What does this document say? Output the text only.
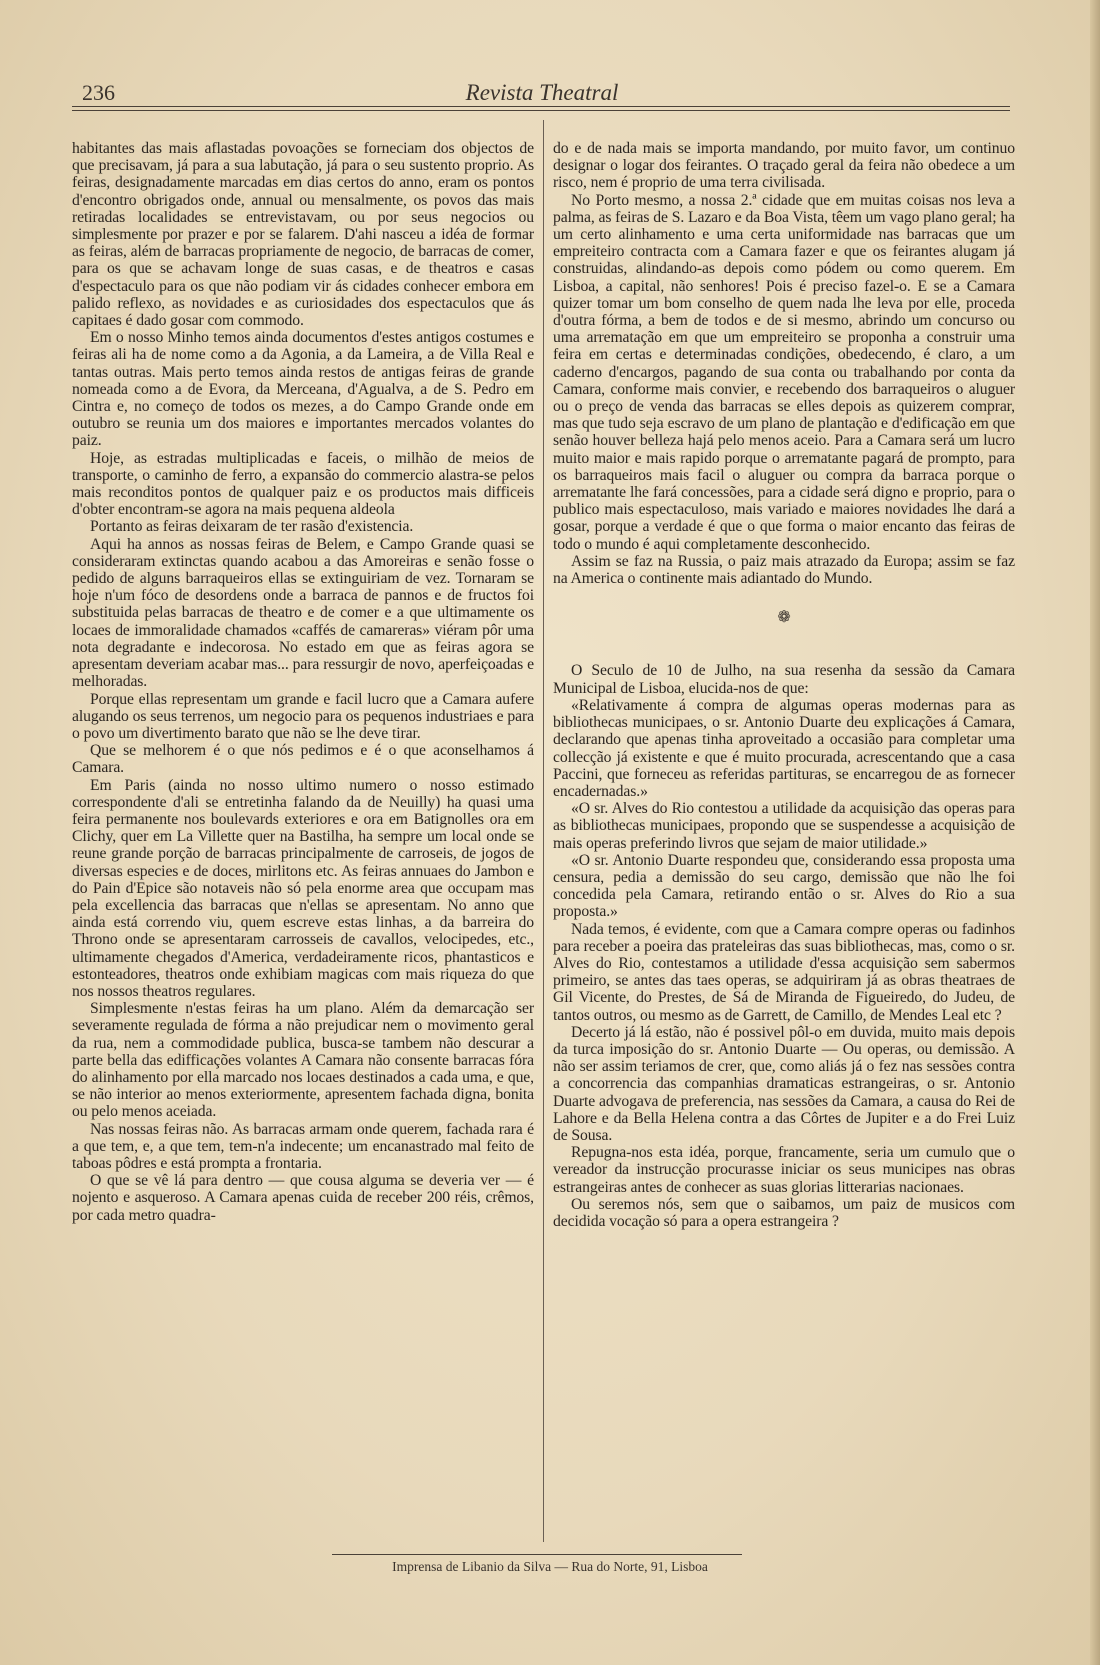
236	Revista Theatral

habitantes das mais aflastadas povoações se forneciam dos objectos de que precisavam, já para a sua labutação, já para o seu sustento proprio. As feiras, designadamente marcadas em dias certos do anno, eram os pontos d'encontro obrigados onde, annual ou mensalmente, os povos das mais retiradas localidades se entrevistavam, ou por seus negocios ou simplesmente por prazer e por se falarem. D'ahi nasceu a idéa de formar as feiras, além de barracas propriamente de negocio, de barracas de comer, para os que se achavam longe de suas casas, e de theatros e casas d'espectaculo para os que não podiam vir ás cidades conhecer embora em palido reflexo, as novidades e as curiosidades dos espectaculos que ás capitaes é dado gosar com commodo.

Em o nosso Minho temos ainda documentos d'estes antigos costumes e feiras ali ha de nome como a da Agonia, a da Lameira, a de Villa Real e tantas outras. Mais perto temos ainda restos de antigas feiras de grande nomeada como a de Evora, da Merceana, d'Agualva, a de S. Pedro em Cintra e, no começo de todos os mezes, a do Campo Grande onde em outubro se reunia um dos maiores e importantes mercados volantes do paiz.

Hoje, as estradas multiplicadas e faceis, o milhão de meios de transporte, o caminho de ferro, a expansão do commercio alastra-se pelos mais reconditos pontos de qualquer paiz e os productos mais difficeis d'obter encontram-se agora na mais pequena aldeola

Portanto as feiras deixaram de ter rasão d'existencia.

Aqui ha annos as nossas feiras de Belem, e Campo Grande quasi se consideraram extinctas quando acabou a das Amoreiras e senão fosse o pedido de alguns barraqueiros ellas se extinguiriam de vez. Tornaram se hoje n'um fóco de desordens onde a barraca de pannos e de fructos foi substituida pelas barracas de theatro e de comer e a que ultimamente os locaes de immoralidade chamados «caffés de camareras» viéram pôr uma nota degradante e indecorosa. No estado em que as feiras agora se apresentam deveriam acabar mas... para ressurgir de novo, aperfeiçoadas e melhoradas.

Porque ellas representam um grande e facil lucro que a Camara aufere alugando os seus terrenos, um negocio para os pequenos industriaes e para o povo um divertimento barato que não se lhe deve tirar.

Que se melhorem é o que nós pedimos e é o que aconselhamos á Camara.

Em Paris (ainda no nosso ultimo numero o nosso estimado correspondente d'ali se entretinha falando da de Neuilly) ha quasi uma feira permanente nos boulevards exteriores e ora em Batignolles ora em Clichy, quer em La Villette quer na Bastilha, ha sempre um local onde se reune grande porção de barracas principalmente de carroseis, de jogos de diversas especies e de doces, mirlitons etc. As feiras annuaes do Jambon e do Pain d'Epice são notaveis não só pela enorme area que occupam mas pela excellencia das barracas que n'ellas se apresentam. No anno que ainda está correndo viu, quem escreve estas linhas, a da barreira do Throno onde se apresentaram carrosseis de cavallos, velocipedes, etc., ultimamente chegados d'America, verdadeiramente ricos, phantasticos e estonteadores, theatros onde exhibiam magicas com mais riqueza do que nos nossos theatros regulares.

Simplesmente n'estas feiras ha um plano. Além da demarcação ser severamente regulada de fórma a não prejudicar nem o movimento geral da rua, nem a commodidade publica, busca-se tambem não descurar a parte bella das edifficações volantes A Camara não consente barracas fóra do alinhamento por ella marcado nos locaes destinados a cada uma, e que, se não interior ao menos exteriormente, apresentem fachada digna, bonita ou pelo menos aceiada.

Nas nossas feiras não. As barracas armam onde querem, fachada rara é a que tem, e, a que tem, tem-n'a indecente; um encanastrado mal feito de taboas pôdres e está prompta a frontaria.

O que se vê lá para dentro — que cousa alguma se deveria ver — é nojento e asqueroso. A Camara apenas cuida de receber 200 réis, crêmos, por cada metro quadra-

do e de nada mais se importa mandando, por muito favor, um continuo designar o logar dos feirantes. O traçado geral da feira não obedece a um risco, nem é proprio de uma terra civilisada.

No Porto mesmo, a nossa 2.ª cidade que em muitas coisas nos leva a palma, as feiras de S. Lazaro e da Boa Vista, têem um vago plano geral; ha um certo alinhamento e uma certa uniformidade nas barracas que um empreiteiro contracta com a Camara fazer e que os feirantes alugam já construidas, alindando-as depois como pódem ou como querem. Em Lisboa, a capital, não senhores! Pois é preciso fazel-o. E se a Camara quizer tomar um bom conselho de quem nada lhe leva por elle, proceda d'outra fórma, a bem de todos e de si mesmo, abrindo um concurso ou uma arrematação em que um empreiteiro se proponha a construir uma feira em certas e determinadas condições, obedecendo, é claro, a um caderno d'encargos, pagando de sua conta ou trabalhando por conta da Camara, conforme mais convier, e recebendo dos barraqueiros o aluguer ou o preço de venda das barracas se elles depois as quizerem comprar, mas que tudo seja escravo de um plano de plantação e d'edificação em que senão houver belleza hajá pelo menos aceio. Para a Camara será um lucro muito maior e mais rapido porque o arrematante pagará de prompto, para os barraqueiros mais facil o aluguer ou compra da barraca porque o arrematante lhe fará concessões, para a cidade será digno e proprio, para o publico mais espectaculoso, mais variado e maiores novidades lhe dará a gosar, porque a verdade é que o que forma o maior encanto das feiras de todo o mundo é aqui completamente desconhecido.

Assim se faz na Russia, o paiz mais atrazado da Europa; assim se faz na America o continente mais adiantado do Mundo.

❁

O Seculo de 10 de Julho, na sua resenha da sessão da Camara Municipal de Lisboa, elucida-nos de que:

«Relativamente á compra de algumas operas modernas para as bibliothecas municipaes, o sr. Antonio Duarte deu explicações á Camara, declarando que apenas tinha aproveitado a occasião para completar uma collecção já existente e que é muito procurada, acrescentando que a casa Paccini, que forneceu as referidas partituras, se encarregou de as fornecer encadernadas.»

«O sr. Alves do Rio contestou a utilidade da acquisição das operas para as bibliothecas municipaes, propondo que se suspendesse a acquisição de mais operas preferindo livros que sejam de maior utilidade.»

«O sr. Antonio Duarte respondeu que, considerando essa proposta uma censura, pedia a demissão do seu cargo, demissão que não lhe foi concedida pela Camara, retirando então o sr. Alves do Rio a sua proposta.»

Nada temos, é evidente, com que a Camara compre operas ou fadinhos para receber a poeira das prateleiras das suas bibliothecas, mas, como o sr. Alves do Rio, contestamos a utilidade d'essa acquisição sem sabermos primeiro, se antes das taes operas, se adquiriram já as obras theatraes de Gil Vicente, do Prestes, de Sá de Miranda de Figueiredo, do Judeu, de tantos outros, ou mesmo as de Garrett, de Camillo, de Mendes Leal etc ?

Decerto já lá estão, não é possivel pôl-o em duvida, muito mais depois da turca imposição do sr. Antonio Duarte — Ou operas, ou demissão. A não ser assim teriamos de crer, que, como aliás já o fez nas sessões contra a concorrencia das companhias dramaticas estrangeiras, o sr. Antonio Duarte advogava de preferencia, nas sessões da Camara, a causa do Rei de Lahore e da Bella Helena contra a das Côrtes de Jupiter e a do Frei Luiz de Sousa.

Repugna-nos esta idéa, porque, francamente, seria um cumulo que o vereador da instrucção procurasse iniciar os seus municipes nas obras estrangeiras antes de conhecer as suas glorias litterarias nacionaes.

Ou seremos nós, sem que o saibamos, um paiz de musicos com decidida vocação só para a opera estrangeira ?

Imprensa de Libanio da Silva — Rua do Norte, 91, Lisboa
